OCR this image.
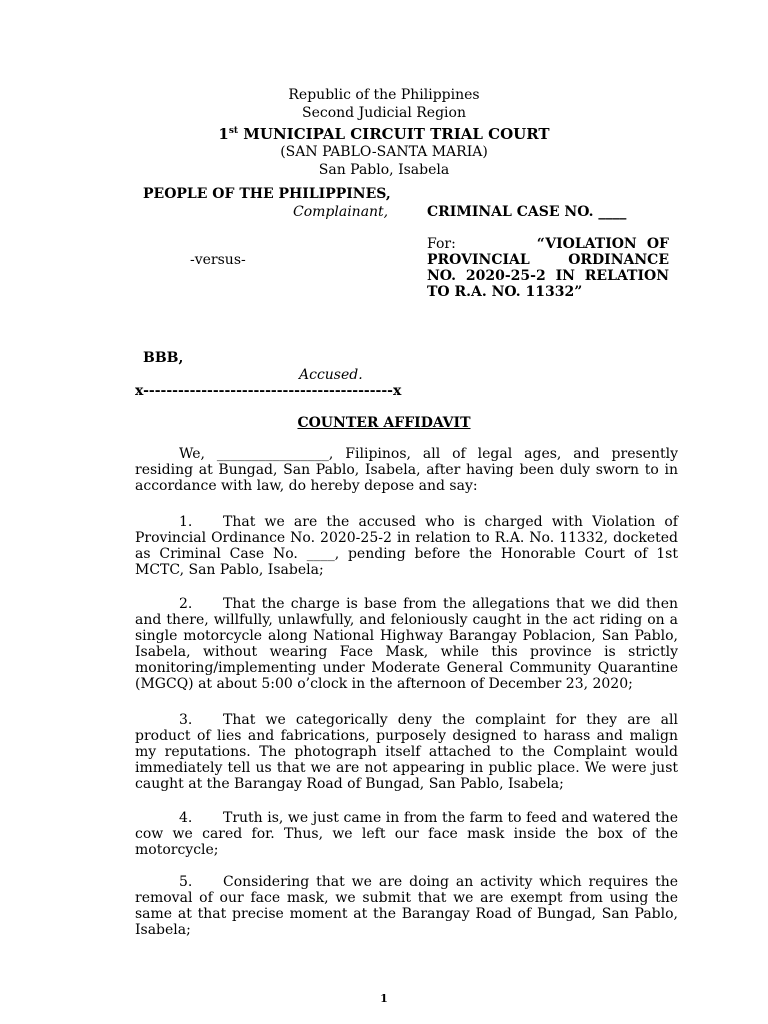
Republic of the Philippines
Second Judicial Region
1st MUNICIPAL CIRCUIT TRIAL COURT
(SAN PABLO-SANTA MARIA)
San Pablo, Isabela
PEOPLE OF THE PHILIPPINES,
Complainant,	CRIMINAL CASE NO. ____
-versus-
For:	“VIOLATION OF PROVINCIAL ORDINANCE NO. 2020-25-2 IN RELATION TO R.A. NO. 11332”
BBB,
Accused.
x-------------------------------------------x
COUNTER AFFIDAVIT
We, ________________, Filipinos, all of legal ages, and presently residing at Bungad, San Pablo, Isabela, after having been duly sworn to in accordance with law, do hereby depose and say:
1. That we are the accused who is charged with Violation of Provincial Ordinance No. 2020-25-2 in relation to R.A. No. 11332, docketed as Criminal Case No. ____, pending before the Honorable Court of 1st MCTC, San Pablo, Isabela;
2. That the charge is base from the allegations that we did then and there, willfully, unlawfully, and feloniously caught in the act riding on a single motorcycle along National Highway Barangay Poblacion, San Pablo, Isabela, without wearing Face Mask, while this province is strictly monitoring/implementing under Moderate General Community Quarantine (MGCQ) at about 5:00 o’clock in the afternoon of December 23, 2020;
3. That we categorically deny the complaint for they are all product of lies and fabrications, purposely designed to harass and malign my reputations. The photograph itself attached to the Complaint would immediately tell us that we are not appearing in public place. We were just caught at the Barangay Road of Bungad, San Pablo, Isabela;
4. Truth is, we just came in from the farm to feed and watered the cow we cared for. Thus, we left our face mask inside the box of the motorcycle;
5. Considering that we are doing an activity which requires the removal of our face mask, we submit that we are exempt from using the same at that precise moment at the Barangay Road of Bungad, San Pablo, Isabela;
1
